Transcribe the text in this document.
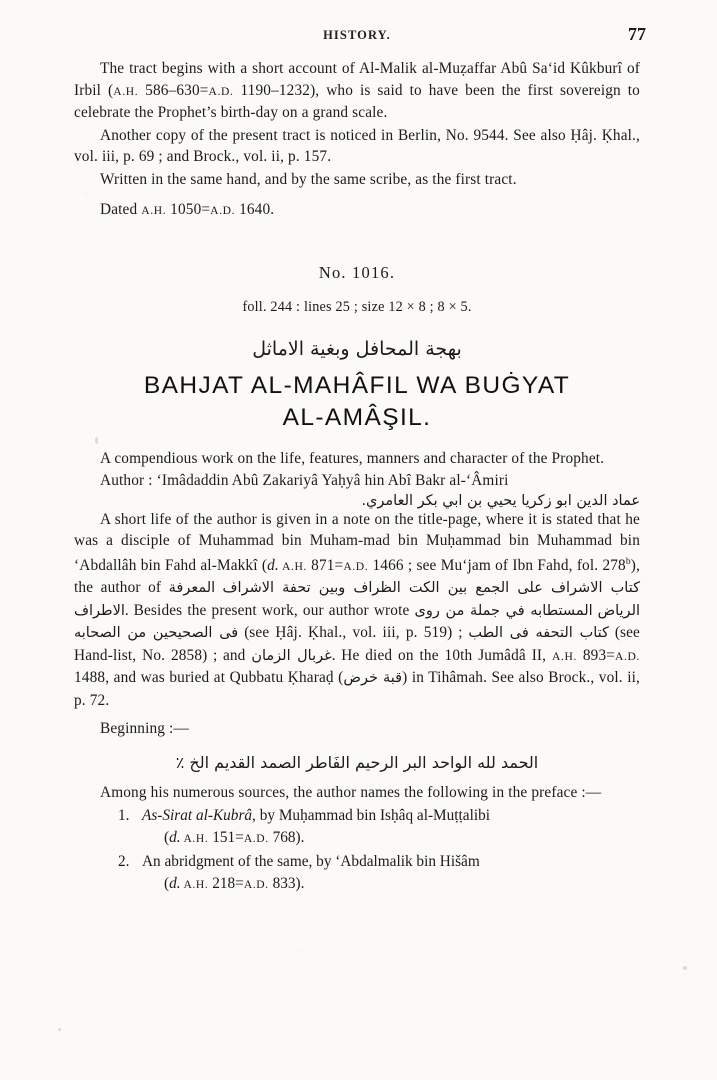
HISTORY.	77

The tract begins with a short account of Al-Malik al-Muẓaffar Abû Sa‘id Kûkburî of Irbil (A.H. 586–630=A.D. 1190–1232), who is said to have been the first sovereign to celebrate the Prophet’s birth-day on a grand scale.

Another copy of the present tract is noticed in Berlin, No. 9544. See also Ḥâj. Ḳhal., vol. iii, p. 69 ; and Brock., vol. ii, p. 157.

Written in the same hand, and by the same scribe, as the first tract.

Dated A.H. 1050=A.D. 1640.

No. 1016.

foll. 244 : lines 25 ; size 12 × 8 ; 8 × 5.

بهجة المحافل وبغية الاماثل

BAHJAT AL-MAHÂFIL WA BUĠYAT

AL-AMÂŞIL.

A compendious work on the life, features, manners and character of the Prophet.

Author : ‘Imâdaddin Abû Zakariyâ Yaḥyâ hin Abî Bakr al-‘Âmiri

عماد الدين ابو زكريا يحيي بن ابي بكر العامري.

A short life of the author is given in a note on the title-page, where it is stated that he was a disciple of Muhammad bin Muham-mad bin Muḥammad bin Muhammad bin ‘Abdallâh bin Fahd al-Makkî (d. A.H. 871=A.D. 1466 ; see Mu‘jam of Ibn Fahd, fol. 278$^b$), the author of	كتاب الاشراف على الجمع بين الكت الظراف وبين تحفة الاشراف المعرفة الاطراف. Besides the present work, our author wrote	الرياض المستطابه في جملة من روى فى الصحيحين من الصحابه (see Ḥâj. Ḳhal., vol. iii, p. 519) ; كتاب التحفه فى الطب (see Hand-list, No. 2858) ; and غربال الزمان. He died on the 10th Jumâdâ II, A.H. 893=A.D. 1488, and was buried at Qubbatu Ḳharaḍ (قبة خرض) in Tihâmah. See also Brock., vol. ii, p. 72.

Beginning :—

الحمد لله الواحد البر الرحيم الفَاطر الصمد القديم الخ ٪

Among his numerous sources, the author names the following in the preface :—

1. As-Sirat al-Kubrâ, by Muḥammad bin Isḥâq al-Muṭṭalibi
(d. A.H. 151=A.D. 768).
2. An abridgment of the same, by ‘Abdalmalik bin Hišâm
(d. A.H. 218=A.D. 833).
